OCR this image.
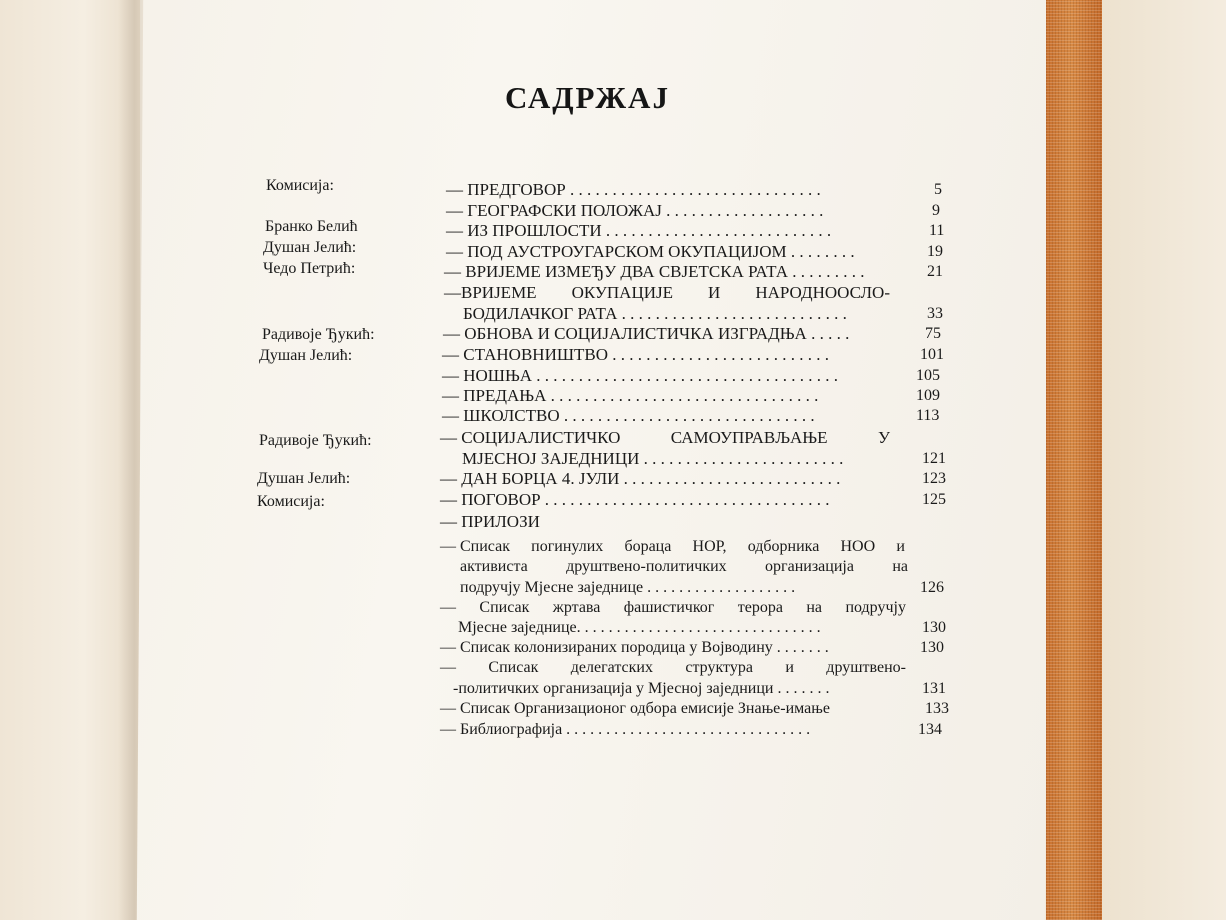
САДРЖАЈ
Комисија:
Бранко Белић
Душан Јелић:
Чедо Петрић:
Радивоје Ђукић:
Душан Јелић:
Радивоје Ђукић:
Душан Јелић:
Комисија:
— ПРЕДГОВОР . . . . . . . . . . . . . . . . . . . . . . . . . . . . . .	5
— ГЕОГРАФСКИ ПОЛОЖАЈ . . . . . . . . . . . . . . . . . . .	9
— ИЗ ПРОШЛОСТИ . . . . . . . . . . . . . . . . . . . . . . . . . . .	11
— ПОД АУСТРОУГАРСКОМ ОКУПАЦИЈОМ . . . . . . . .	19
— ВРИЈЕМЕ ИЗМЕЂУ ДВА СВЈЕТСКА РАТА . . . . . . . . .	21
—ВРИЈЕМЕ ОКУПАЦИЈЕ И НАРОДНООСЛО-
БОДИЛАЧКОГ РАТА . . . . . . . . . . . . . . . . . . . . . . . . . . .	33
— ОБНОВА И СОЦИЈАЛИСТИЧКА ИЗГРАДЊА . . . . .	75
— СТАНОВНИШТВО . . . . . . . . . . . . . . . . . . . . . . . . . .	101
— НОШЊА . . . . . . . . . . . . . . . . . . . . . . . . . . . . . . . . . . . .	105
— ПРЕДАЊА . . . . . . . . . . . . . . . . . . . . . . . . . . . . . . . .	109
— ШКОЛСТВО . . . . . . . . . . . . . . . . . . . . . . . . . . . . . .	113
— СОЦИЈАЛИСТИЧКО	САМОУПРАВЉАЊЕ	У
МЈЕСНОЈ ЗАЈЕДНИЦИ . . . . . . . . . . . . . . . . . . . . . . . .	121
— ДАН БОРЦА 4. ЈУЛИ . . . . . . . . . . . . . . . . . . . . . . . . . .	123
— ПОГОВОР . . . . . . . . . . . . . . . . . . . . . . . . . . . . . . . . . .	125
— ПРИЛОЗИ
— Списак погинулих бораца НОР, одборника НОО и
активиста друштвено-политичких организација на
подручју Мјесне заједнице . . . . . . . . . . . . . . . . . . .	126
— Списак жртава фашистичког терора на подручју
Мјесне заједнице. . . . . . . . . . . . . . . . . . . . . . . . . . . . . . .	130
— Списак колонизираних породица у Војводину . . . . . . .	130
— Списак делегатских структура и друштвено-
-политичких организација у Мјесној заједници . . . . . . .	131
— Списак Организационог одбора емисије Знање-имање	133
— Библиографија . . . . . . . . . . . . . . . . . . . . . . . . . . . . . . .	134
